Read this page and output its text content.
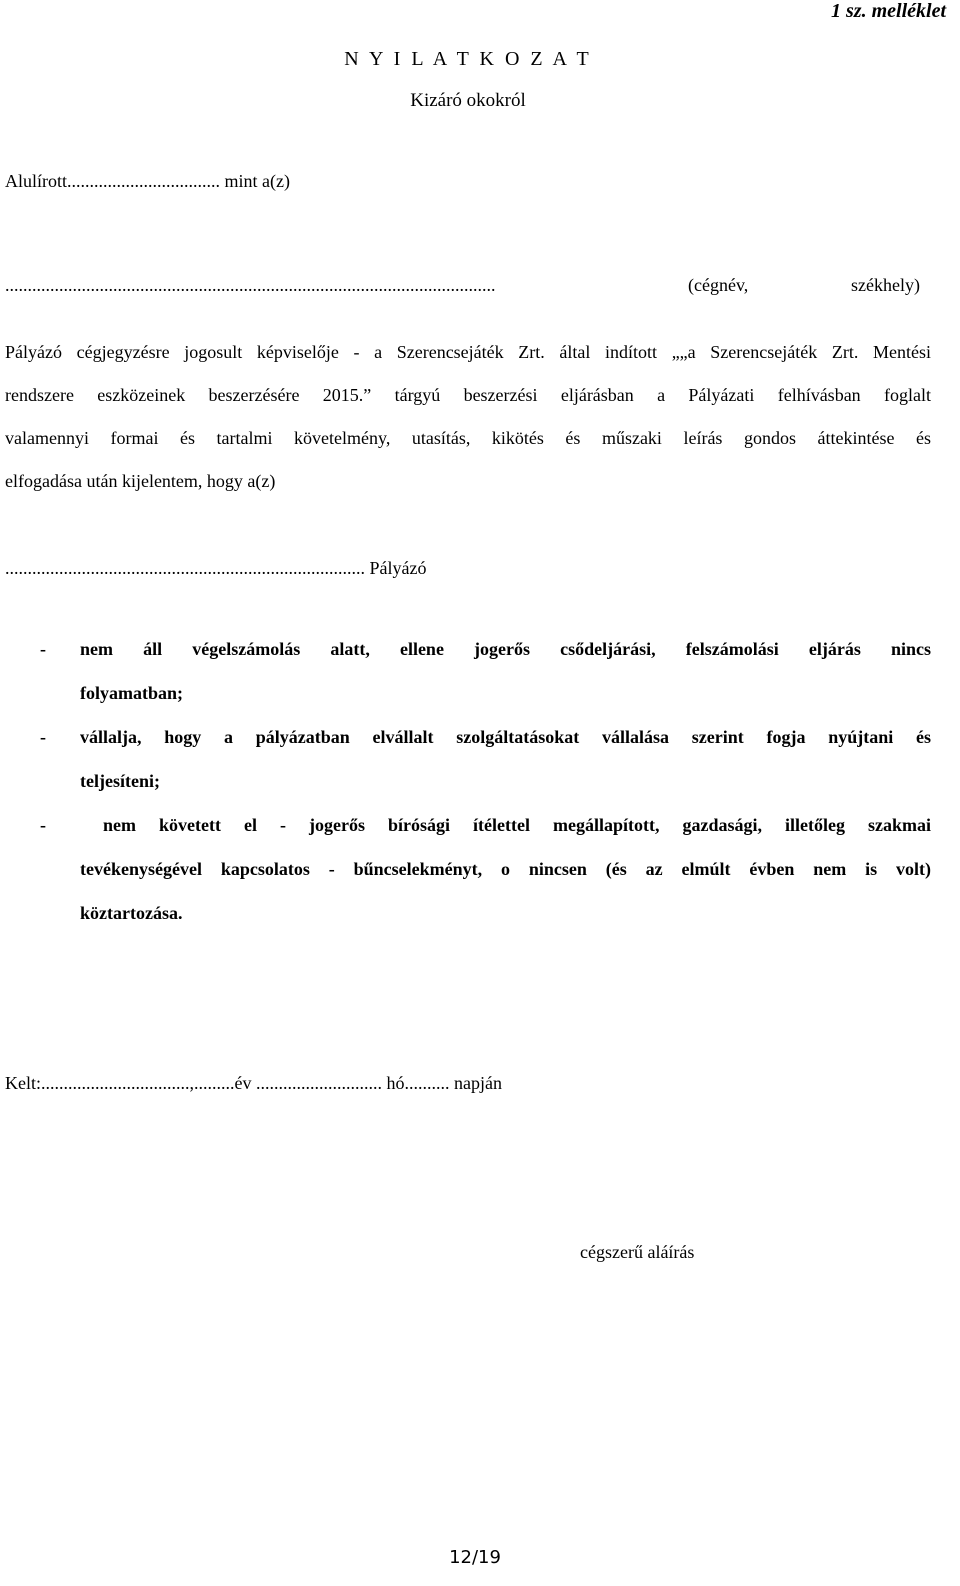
1 sz. melléklet
N Y I L A T K O Z A T
Kizáró okokról
Alulírott.................................. mint a(z)
.............................................................................................................	(cégnév,	székhely)
Pályázó cégjegyzésre jogosult képviselője - a Szerencsejáték Zrt. által indított „„a Szerencsejáték Zrt. Mentési
rendszere eszközeinek beszerzésére 2015.” tárgyú beszerzési eljárásban a Pályázati felhívásban foglalt
valamennyi formai és tartalmi követelmény, utasítás, kikötés és műszaki leírás gondos áttekintése és
elfogadása után kijelentem, hogy a(z)
................................................................................ Pályázó
- nem áll végelszámolás alatt, ellene jogerős csődeljárási, felszámolási eljárás nincs
folyamatban;
- vállalja, hogy a pályázatban elvállalt szolgáltatásokat vállalása szerint fogja nyújtani és
teljesíteni;
- nem követett el - jogerős bírósági ítélettel megállapított, gazdasági, illetőleg szakmai
tevékenységével kapcsolatos - bűncselekményt, o nincsen (és az elmúlt évben nem is volt)
köztartozása.
Kelt:.................................,.........év ............................ hó.......... napján
cégszerű aláírás
12/19
